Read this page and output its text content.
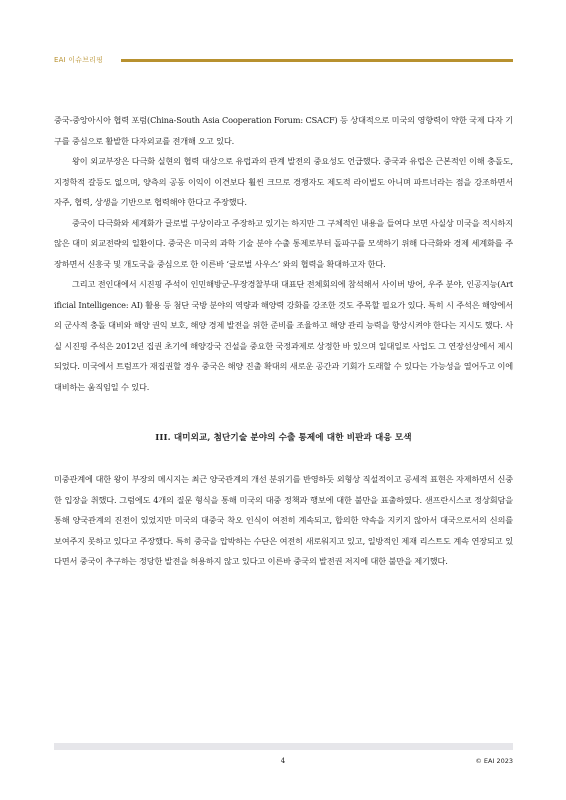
EAI 이슈브리핑

중국-중앙아시아 협력 포럼(China-South Asia Cooperation Forum: CSACF) 등 상대적으로 미국의 영향력이 약한 국제 다자 기구를 중심으로 활발한 다자외교를 전개해 오고 있다.

왕이 외교부장은 다극화 실현의 협력 대상으로 유럽과의 관계 발전의 중요성도 언급했다. 중국과 유럽은 근본적인 이해 충돌도, 지정학적 갈등도 없으며, 양측의 공동 이익이 이견보다 훨씬 크므로 경쟁자도 제도적 라이벌도 아니며 파트너라는 점을 강조하면서 자주, 협력, 상생을 기반으로 협력해야 한다고 주장했다.

중국이 다극화와 세계화가 글로벌 구상이라고 주장하고 있기는 하지만 그 구체적인 내용을 들여다 보면 사실상 미국을 적시하지 않은 대미 외교전략의 일환이다. 중국은 미국의 과학 기술 분야 수출 통제로부터 돌파구를 모색하기 위해 다극화와 경제 세계화를 주장하면서 신흥국 및 개도국을 중심으로 한 이른바 ‘글로벌 사우스’ 와의 협력을 확대하고자 한다.

그리고 전인대에서 시진핑 주석이 인민해방군-무장경찰부대 대표단 전체회의에 참석해서 사이버 방어, 우주 분야, 인공지능(Artificial Intelligence: AI) 활용 등 첨단 국방 분야의 역량과 해양력 강화를 강조한 것도 주목할 필요가 있다. 특히 시 주석은 해양에서의 군사적 충돌 대비와 해양 권익 보호, 해양 경제 발전을 위한 준비를 조율하고 해양 관리 능력을 향상시켜야 한다는 지시도 했다. 사실 시진핑 주석은 2012년 집권 초기에 해양강국 건설을 중요한 국정과제로 상정한 바 있으며 일대일로 사업도 그 연장선상에서 제시되었다. 미국에서 트럼프가 재집권할 경우 중국은 해양 진출 확대의 새로운 공간과 기회가 도래할 수 있다는 가능성을 열어두고 이에 대비하는 움직임일 수 있다.

III. 대미외교, 첨단기술 분야의 수출 통제에 대한 비판과 대응 모색

미중관계에 대한 왕이 부장의 메시지는 최근 양국관계의 개선 분위기를 반영하듯 외형상 직설적이고 공세적 표현은 자제하면서 신중한 입장을 취했다. 그럼에도 4개의 질문 형식을 통해 미국의 대중 정책과 행보에 대한 불만을 표출하였다. 샌프란시스코 정상회담을 통해 양국관계의 진전이 있었지만 미국의 대중국 착오 인식이 여전히 계속되고, 합의한 약속을 지키지 않아서 대국으로서의 신의를 보여주지 못하고 있다고 주장했다. 특히 중국을 압박하는 수단은 여전히 새로워지고 있고, 일방적인 제재 리스트도 계속 연장되고 있다면서 중국이 추구하는 정당한 발전을 허용하지 않고 있다고 이른바 중국의 발전권 저지에 대한 불만을 제기했다.

4	© EAI 2023
